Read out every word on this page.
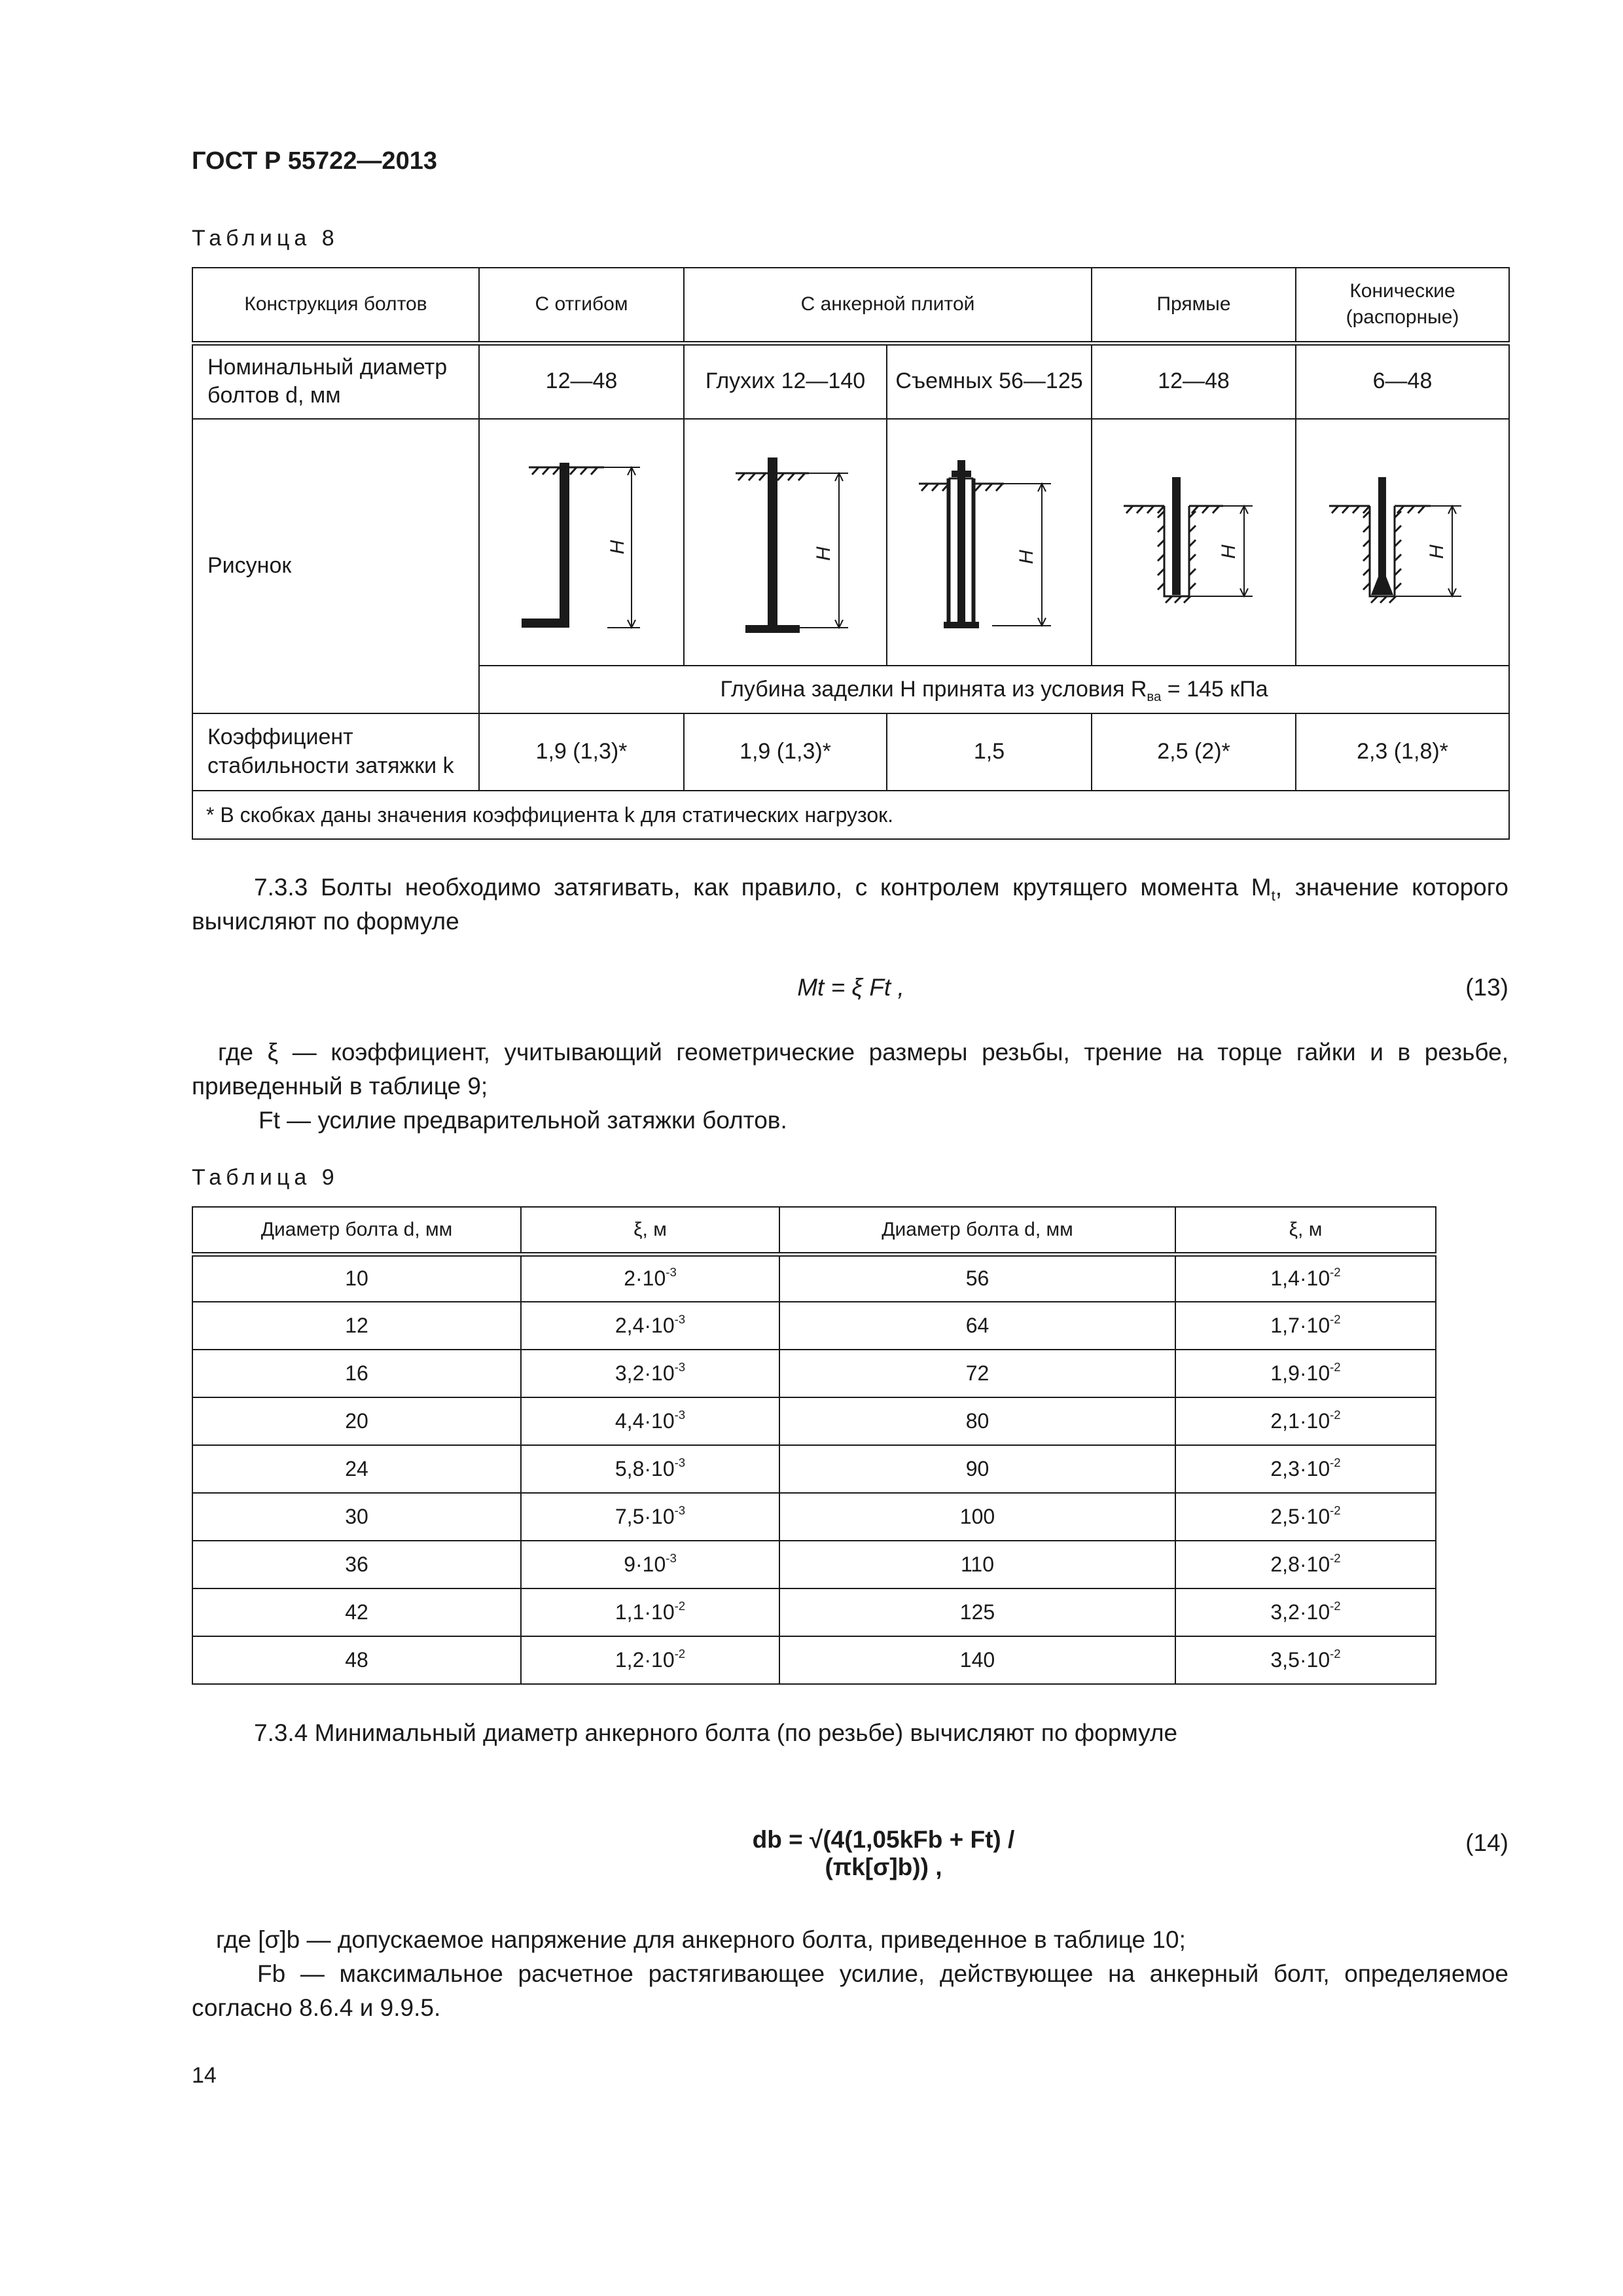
ГОСТ Р 55722—2013
Таблица 8
Конструкция болтов	С отгибом	С анкерной плитой		Прямые	Конические (распорные)
Номинальный диаметр болтов d, мм	12—48	Глухих 12—140	Съемных 56—125	12—48	6—48
Рисунок	H	H	H	H	H

	Глубина заделки H принята из условия $R_{ва} = 145$ кПа				
Коэффициент стабильности затяжки k	1,9 (1,3)*	1,9 (1,3)*	1,5	2,5 (2)*	2,3 (1,8)*
* В скобках даны значения коэффициента k для статических нагрузок.					
7.3.3 Болты необходимо затягивать, как правило, с контролем крутящего момента $M_t$, значение которого вычисляют по формуле
Mt = ξ Ft ,	(13)
где ξ — коэффициент, учитывающий геометрические размеры резьбы, трение на торце гайки и в резьбе, приведенный в таблице 9;
Ft — усилие предварительной затяжки болтов.
Таблица 9
Диаметр болта d, мм	ξ, м	Диаметр болта d, мм	ξ, м
10	$2\cdot 10^{-3}$	56	$1,4\cdot 10^{-2}$
12	$2,4\cdot 10^{-3}$	64	$1,7\cdot 10^{-2}$
16	$3,2\cdot 10^{-3}$	72	$1,9\cdot 10^{-2}$
20	$4,4\cdot 10^{-3}$	80	$2,1\cdot 10^{-2}$
24	$5,8\cdot 10^{-3}$	90	$2,3\cdot 10^{-2}$
30	$7,5\cdot 10^{-3}$	100	$2,5\cdot 10^{-2}$
36	$9\cdot 10^{-3}$	110	$2,8\cdot 10^{-2}$
42	$1,1\cdot 10^{-2}$	125	$3,2\cdot 10^{-2}$
48	$1,2\cdot 10^{-2}$	140	$3,5\cdot 10^{-2}$
7.3.4 Минимальный диаметр анкерного болта (по резьбе) вычисляют по формуле
db = √(4(1,05kFb + Ft) / (πk[σ]b)) ,
(14)
где [σ]b — допускаемое напряжение для анкерного болта, приведенное в таблице 10;
Fb — максимальное расчетное растягивающее усилие, действующее на анкерный болт, определяемое согласно 8.6.4 и 9.9.5.
14
